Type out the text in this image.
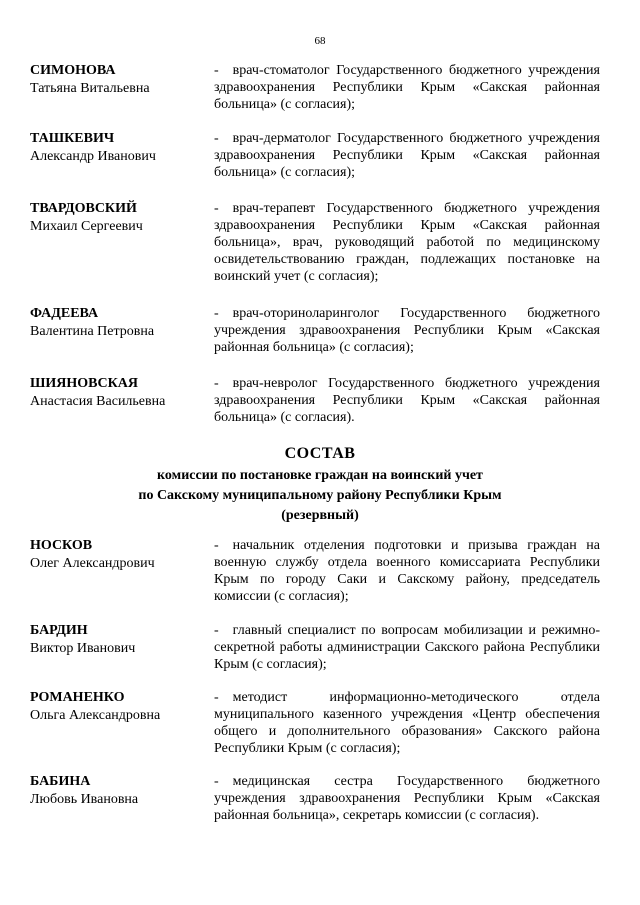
68
СИМОНОВА
Татьяна Витальевна
- врач-стоматолог Государственного бюджетного учреждения здравоохранения Республики Крым «Сакская районная больница» (с согласия);
ТАШКЕВИЧ
Александр Иванович
- врач-дерматолог Государственного бюджетного учреждения здравоохранения Республики Крым «Сакская районная больница» (с согласия);
ТВАРДОВСКИЙ
Михаил Сергеевич
- врач-терапевт Государственного бюджетного учреждения здравоохранения Республики Крым «Сакская районная больница», врач, руководящий работой по медицинскому освидетельствованию граждан, подлежащих постановке на воинский учет (с согласия);
ФАДЕЕВА
Валентина Петровна
- врач-оториноларинголог Государственного бюджетного учреждения здравоохранения Республики Крым «Сакская районная больница» (с согласия);
ШИЯНОВСКАЯ
Анастасия Васильевна
- врач-невролог Государственного бюджетного учреждения здравоохранения Республики Крым «Сакская районная больница» (с согласия).
СОСТАВ
комиссии по постановке граждан на воинский учет
по Сакскому муниципальному району Республики Крым
(резервный)
НОСКОВ
Олег Александрович
- начальник отделения подготовки и призыва граждан на военную службу отдела военного комиссариата Республики Крым по городу Саки и Сакскому району, председатель комиссии (с согласия);
БАРДИН
Виктор Иванович
- главный специалист по вопросам мобилизации и режимно-секретной работы администрации Сакского района Республики Крым (с согласия);
РОМАНЕНКО
Ольга Александровна
- методист информационно-методического отдела муниципального казенного учреждения «Центр обеспечения общего и дополнительного образования» Сакского района Республики Крым (с согласия);
БАБИНА
Любовь Ивановна
- медицинская сестра Государственного бюджетного учреждения здравоохранения Республики Крым «Сакская районная больница», секретарь комиссии (с согласия).
